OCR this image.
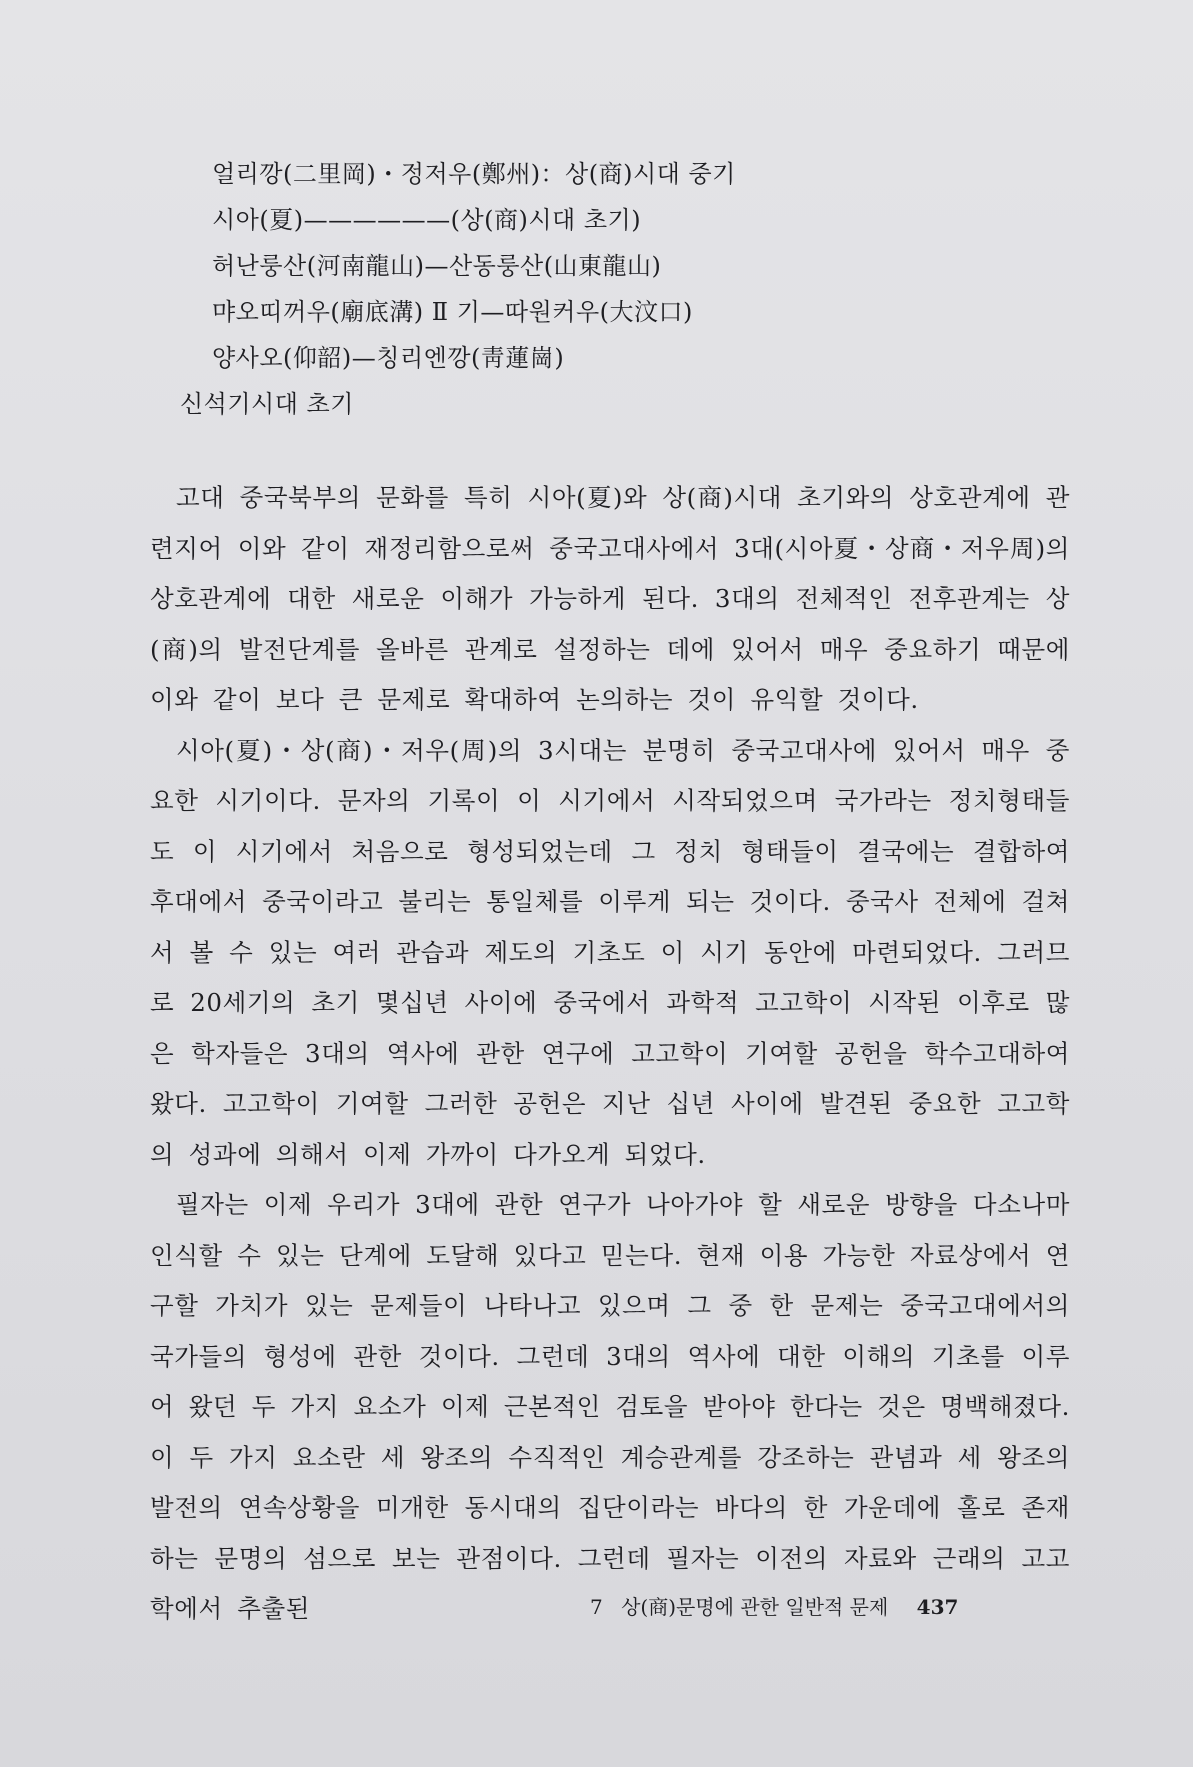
얼리깡(二里岡)・정저우(鄭州)：상(商)시대 중기
시아(夏)——————(상(商)시대 초기)
허난룽산(河南龍山)—산동룽산(山東龍山)
먀오띠꺼우(廟底溝) Ⅱ 기—따원커우(大汶口)
양사오(仰韶)—칭리엔깡(靑蓮崗)
신석기시대 초기

고대 중국북부의 문화를 특히 시아(夏)와 상(商)시대 초기와의 상호관계에 관련지어 이와 같이 재정리함으로써 중국고대사에서 3대(시아夏・상商・저우周)의 상호관계에 대한 새로운 이해가 가능하게 된다. 3대의 전체적인 전후관계는 상(商)의 발전단계를 올바른 관계로 설정하는 데에 있어서 매우 중요하기 때문에 이와 같이 보다 큰 문제로 확대하여 논의하는 것이 유익할 것이다.

시아(夏)・상(商)・저우(周)의 3시대는 분명히 중국고대사에 있어서 매우 중요한 시기이다. 문자의 기록이 이 시기에서 시작되었으며 국가라는 정치형태들도 이 시기에서 처음으로 형성되었는데 그 정치 형태들이 결국에는 결합하여 후대에서 중국이라고 불리는 통일체를 이루게 되는 것이다. 중국사 전체에 걸쳐서 볼 수 있는 여러 관습과 제도의 기초도 이 시기 동안에 마련되었다. 그러므로 20세기의 초기 몇십년 사이에 중국에서 과학적 고고학이 시작된 이후로 많은 학자들은 3대의 역사에 관한 연구에 고고학이 기여할 공헌을 학수고대하여 왔다. 고고학이 기여할 그러한 공헌은 지난 십년 사이에 발견된 중요한 고고학의 성과에 의해서 이제 가까이 다가오게 되었다.

필자는 이제 우리가 3대에 관한 연구가 나아가야 할 새로운 방향을 다소나마 인식할 수 있는 단계에 도달해 있다고 믿는다. 현재 이용 가능한 자료상에서 연구할 가치가 있는 문제들이 나타나고 있으며 그 중 한 문제는 중국고대에서의 국가들의 형성에 관한 것이다. 그런데 3대의 역사에 대한 이해의 기초를 이루어 왔던 두 가지 요소가 이제 근본적인 검토을 받아야 한다는 것은 명백해졌다. 이 두 가지 요소란 세 왕조의 수직적인 계승관계를 강조하는 관념과 세 왕조의 발전의 연속상황을 미개한 동시대의 집단이라는 바다의 한 가운데에 홀로 존재하는 문명의 섬으로 보는 관점이다. 그런데 필자는 이전의 자료와 근래의 고고학에서 추출된	7 상(商)문명에 관한 일반적 문제 437
